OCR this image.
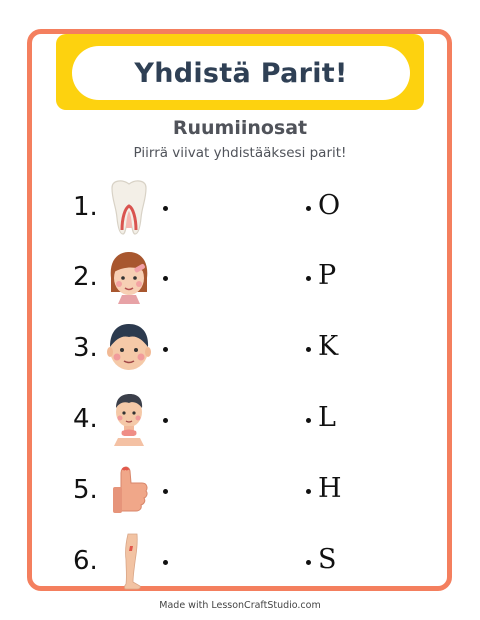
Yhdistä Parit!
Ruumiinosat
Piirrä viivat yhdistääksesi parit!
1.	O
2.	P
3.	K
4.	L
5.	H
6.	S
Made with LessonCraftStudio.com
